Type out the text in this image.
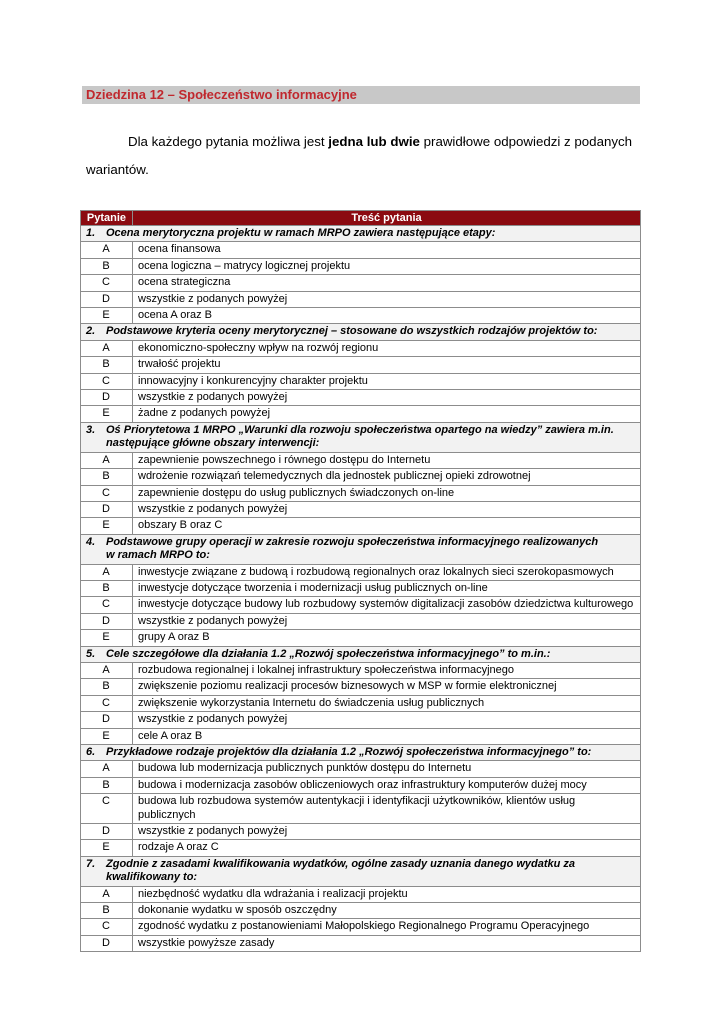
Dziedzina 12 – Społeczeństwo informacyjne
Dla każdego pytania możliwa jest jedna lub dwie prawidłowe odpowiedzi z podanych
wariantów.
Pytanie	Treść pytania
1. Ocena merytoryczna projektu w ramach MRPO zawiera następujące etapy:	
A	ocena finansowa
B	ocena logiczna – matrycy logicznej projektu
C	ocena strategiczna
D	wszystkie z podanych powyżej
E	ocena A oraz B
2. Podstawowe kryteria oceny merytorycznej – stosowane do wszystkich rodzajów projektów to:	
A	ekonomiczno-społeczny wpływ na rozwój regionu
B	trwałość projektu
C	innowacyjny i konkurencyjny charakter projektu
D	wszystkie z podanych powyżej
E	żadne z podanych powyżej
3. Oś Priorytetowa 1 MRPO „Warunki dla rozwoju społeczeństwa opartego na wiedzy” zawiera m.in.
następujące główne obszary interwencji:	

A	zapewnienie powszechnego i równego dostępu do Internetu
B	wdrożenie rozwiązań telemedycznych dla jednostek publicznej opieki zdrowotnej
C	zapewnienie dostępu do usług publicznych świadczonych on-line
D	wszystkie z podanych powyżej
E	obszary B oraz C
4. Podstawowe grupy operacji w zakresie rozwoju społeczeństwa informacyjnego realizowanych
w ramach MRPO to:	

A	inwestycje związane z budową i rozbudową regionalnych oraz lokalnych sieci szerokopasmowych
B	inwestycje dotyczące tworzenia i modernizacji usług publicznych on-line
C	inwestycje dotyczące budowy lub rozbudowy systemów digitalizacji zasobów dziedzictwa kulturowego
D	wszystkie z podanych powyżej
E	grupy A oraz B
5. Cele szczegółowe dla działania 1.2 „Rozwój społeczeństwa informacyjnego” to m.in.:	
A	rozbudowa regionalnej i lokalnej infrastruktury społeczeństwa informacyjnego
B	zwiększenie poziomu realizacji procesów biznesowych w MSP w formie elektronicznej
C	zwiększenie wykorzystania Internetu do świadczenia usług publicznych
D	wszystkie z podanych powyżej
E	cele A oraz B
6. Przykładowe rodzaje projektów dla działania 1.2 „Rozwój społeczeństwa informacyjnego” to:	
A	budowa lub modernizacja publicznych punktów dostępu do Internetu
B	budowa i modernizacja zasobów obliczeniowych oraz infrastruktury komputerów dużej mocy
C	budowa lub rozbudowa systemów autentykacji i identyfikacji użytkowników, klientów usług publicznych
D	wszystkie z podanych powyżej
E	rodzaje A oraz C
7. Zgodnie z zasadami kwalifikowania wydatków, ogólne zasady uznania danego wydatku za
kwalifikowany to:	

A	niezbędność wydatku dla wdrażania i realizacji projektu
B	dokonanie wydatku w sposób oszczędny
C	zgodność wydatku z postanowieniami Małopolskiego Regionalnego Programu Operacyjnego
D	wszystkie powyższe zasady
